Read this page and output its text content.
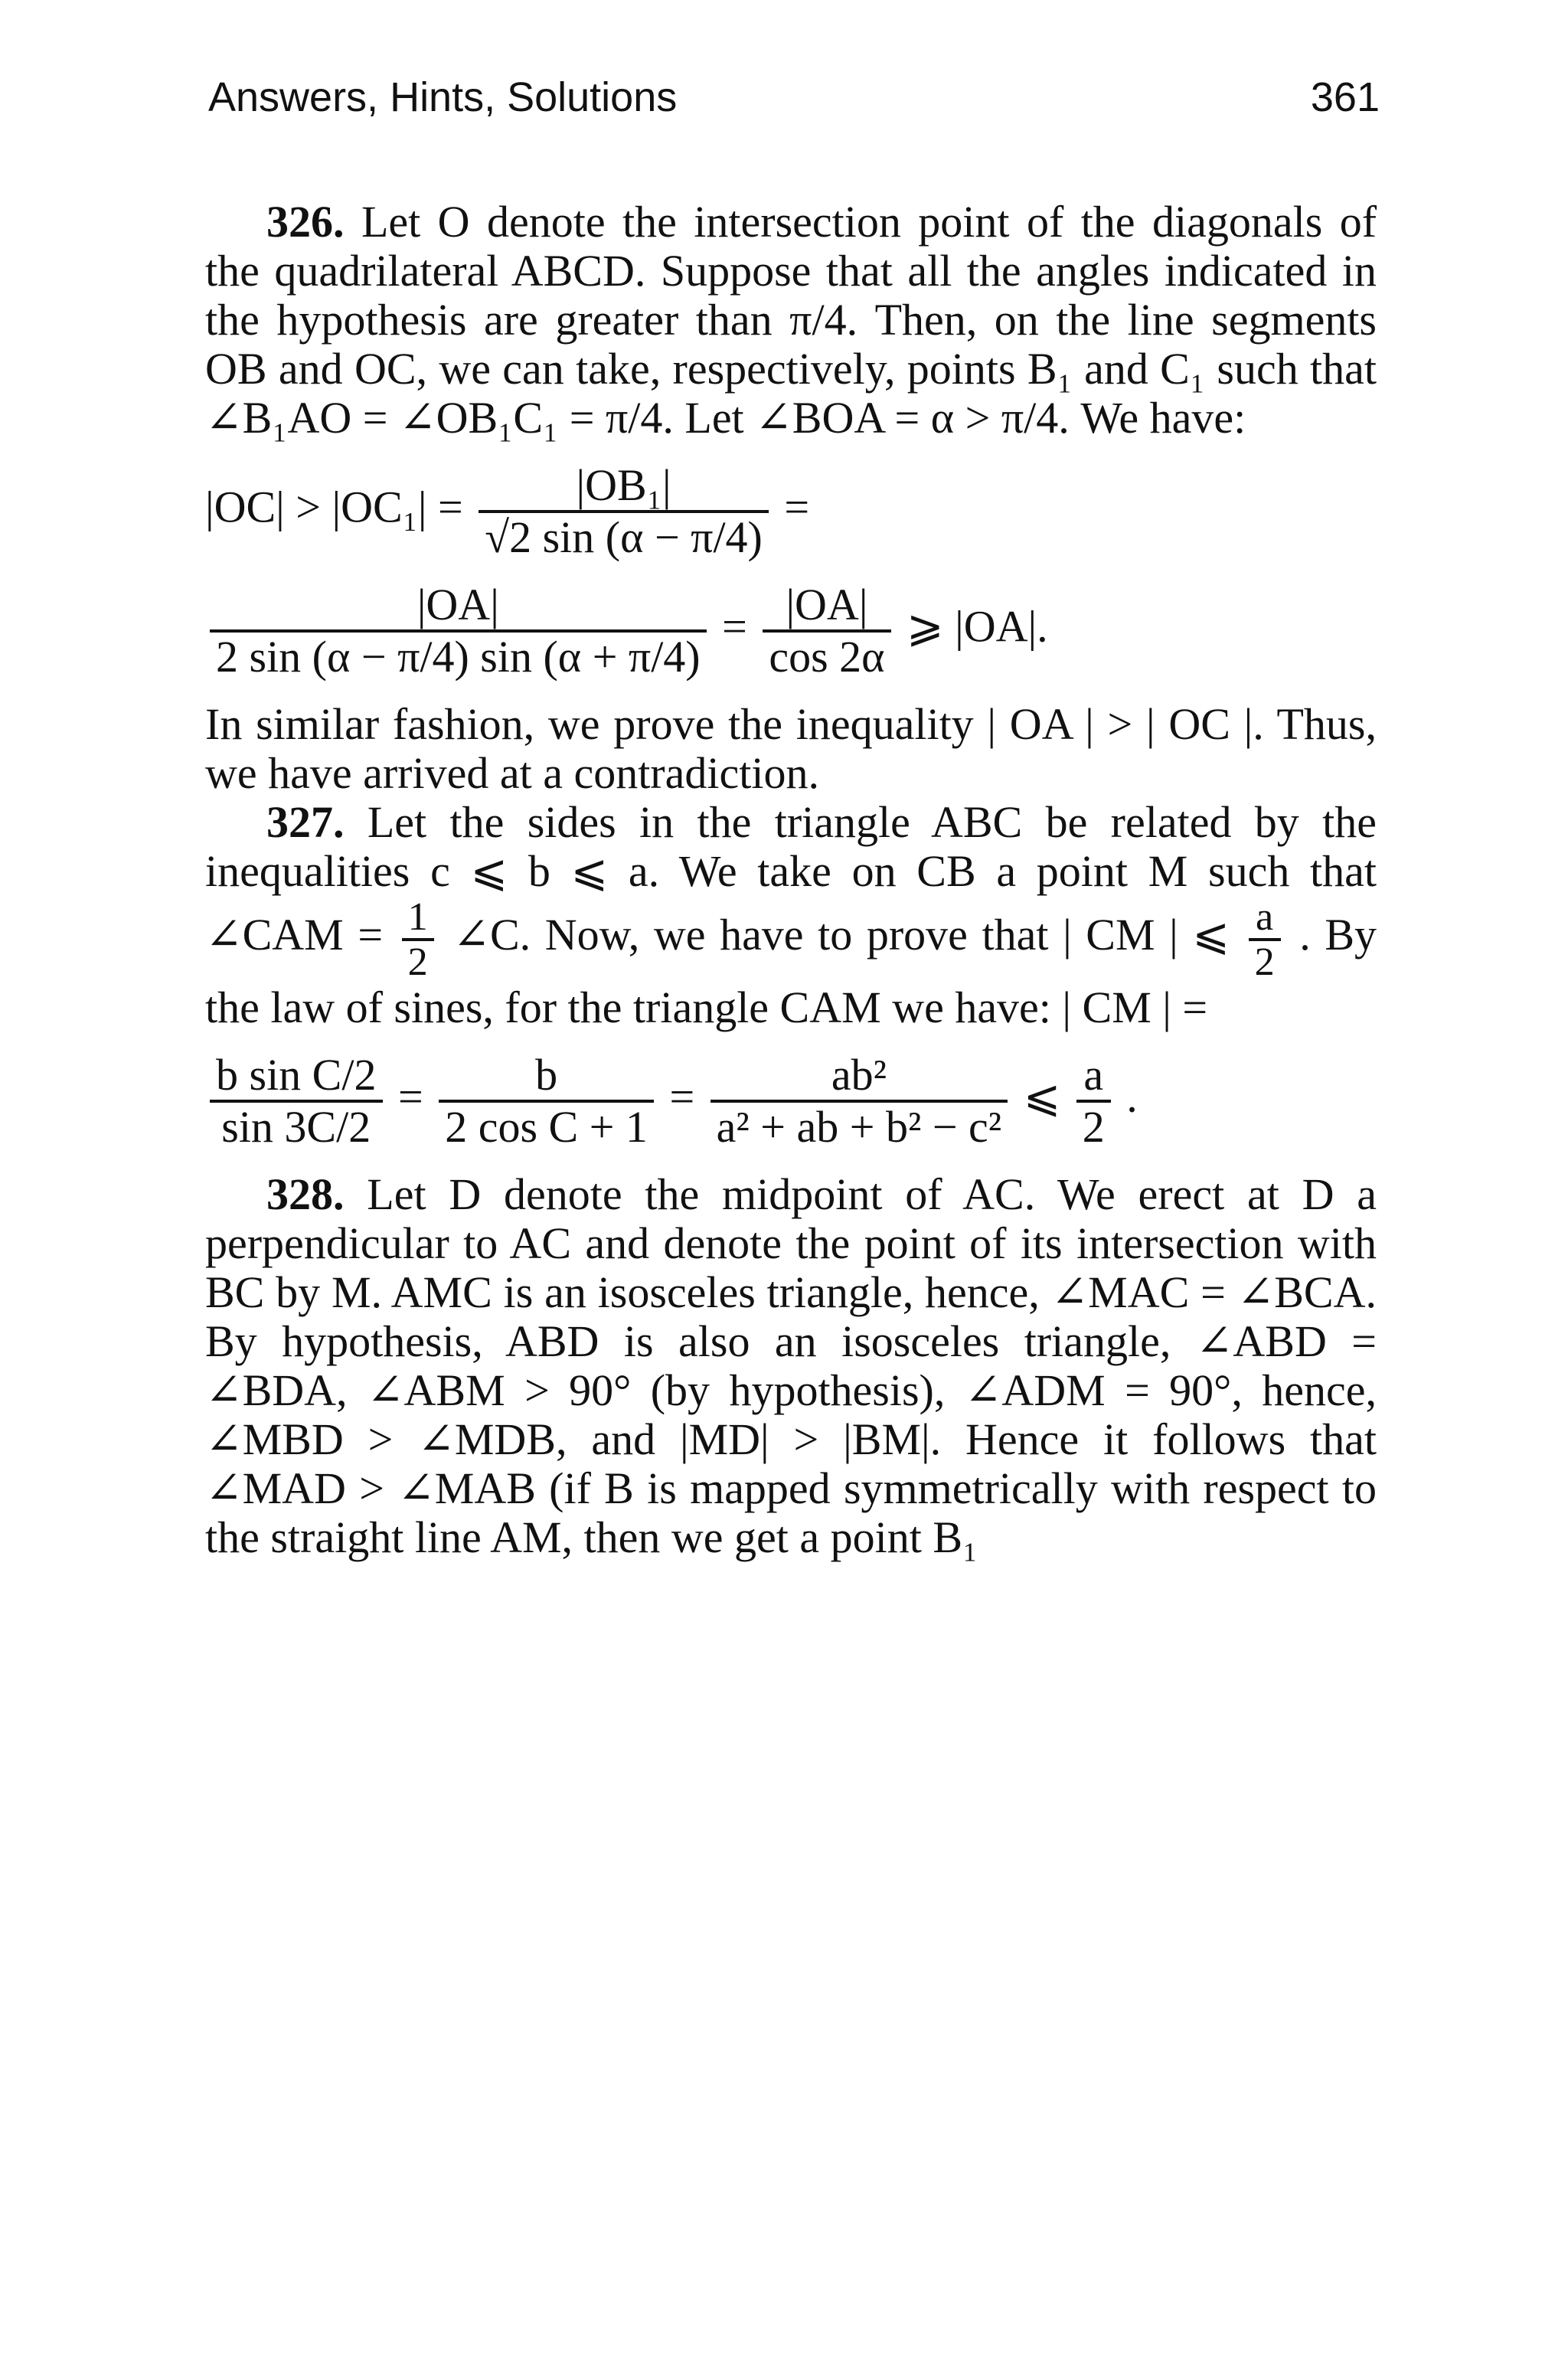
Answers, Hints, Solutions	361

326. Let O denote the intersection point of the diagonals of the quadrilateral ABCD. Suppose that all the angles indicated in the hypothesis are greater than π/4. Then, on the line segments OB and OC, we can take, respectively, points B₁ and C₁ such that ∠B₁AO = ∠OB₁C₁ = π/4. Let ∠BOA = α > π/4. We have:

$|OC| > |OC_1| = \frac{\text{|OB₁|}}{√2 \sin (\alpha - \pi/4)}$ =
$\frac{|OA|}{2 \sin (\alpha - \pi/4) \sin (\alpha + \pi/4)} = \frac{|OA|}{\cos 2\alpha}$ ⩾ |OA|.

In similar fashion, we prove the inequality | OA | > | OC |. Thus, we have arrived at a contradiction.

327. Let the sides in the triangle ABC be related by the inequalities c ⩽ b ⩽ a. We take on CB a point M such that ∠CAM = $\frac{1}{2}$ ∠C. Now, we have to prove that | CM | ⩽ $\frac{a}{2}$ . By the law of sines, for the triangle CAM we have: | CM | =

$\frac{\text{b sin C/2}}{\sin 3C/2} = \frac{b}{\text{2 cos C + 1}} = \frac{\text{ab²}}{\text{a² + ab + b² − c²}}$ ⩽ $\frac{a}{2}$ .

328. Let D denote the midpoint of AC. We erect at D a perpendicular to AC and denote the point of its intersection with BC by M. AMC is an isosceles triangle, hence, ∠MAC = ∠BCA. By hypothesis, ABD is also an isosceles triangle, ∠ABD = ∠BDA, ∠ABM > 90° (by hypothesis), ∠ADM = 90°, hence, ∠MBD > ∠MDB, and |MD| > |BM|. Hence it follows that ∠MAD > ∠MAB (if B is mapped symmetrically with respect to the straight line AM, then we get a point B₁
